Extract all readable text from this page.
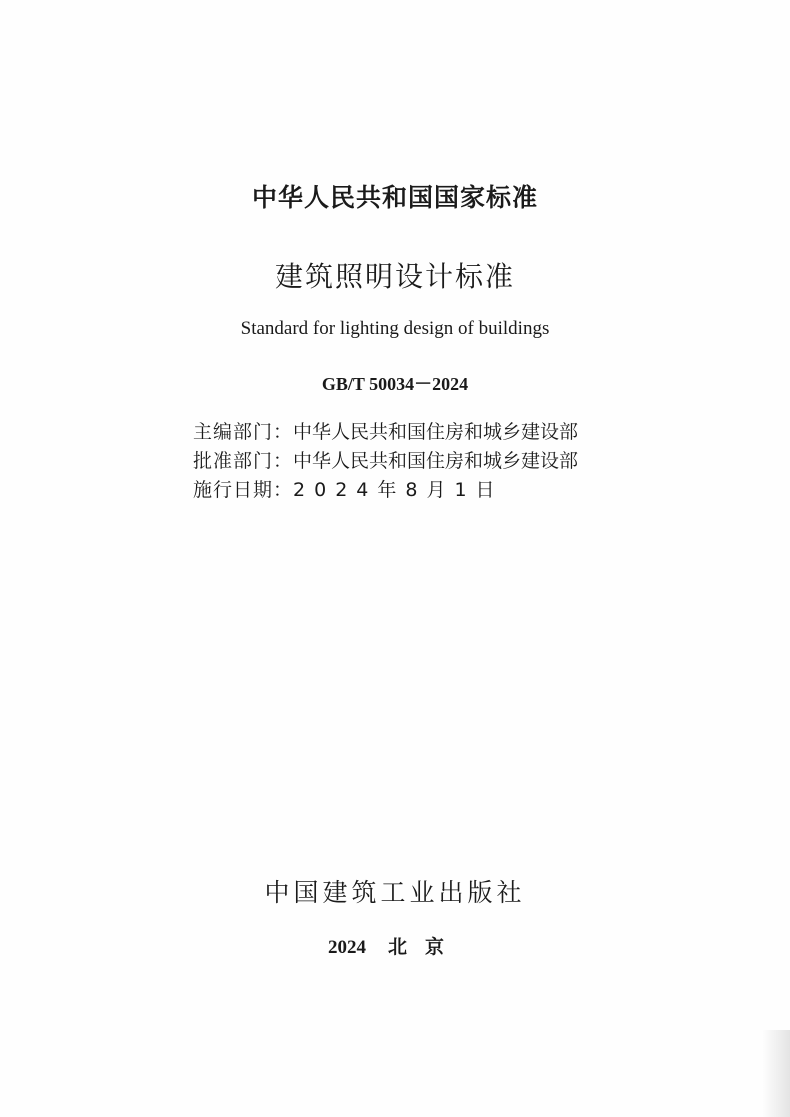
中华人民共和国国家标准
建筑照明设计标准
Standard for lighting design of buildings
GB/T 50034－2024
主编部门：中华人民共和国住房和城乡建设部
批准部门：中华人民共和国住房和城乡建设部
施行日期：2024年8月1日
中国建筑工业出版社
2024 北京
